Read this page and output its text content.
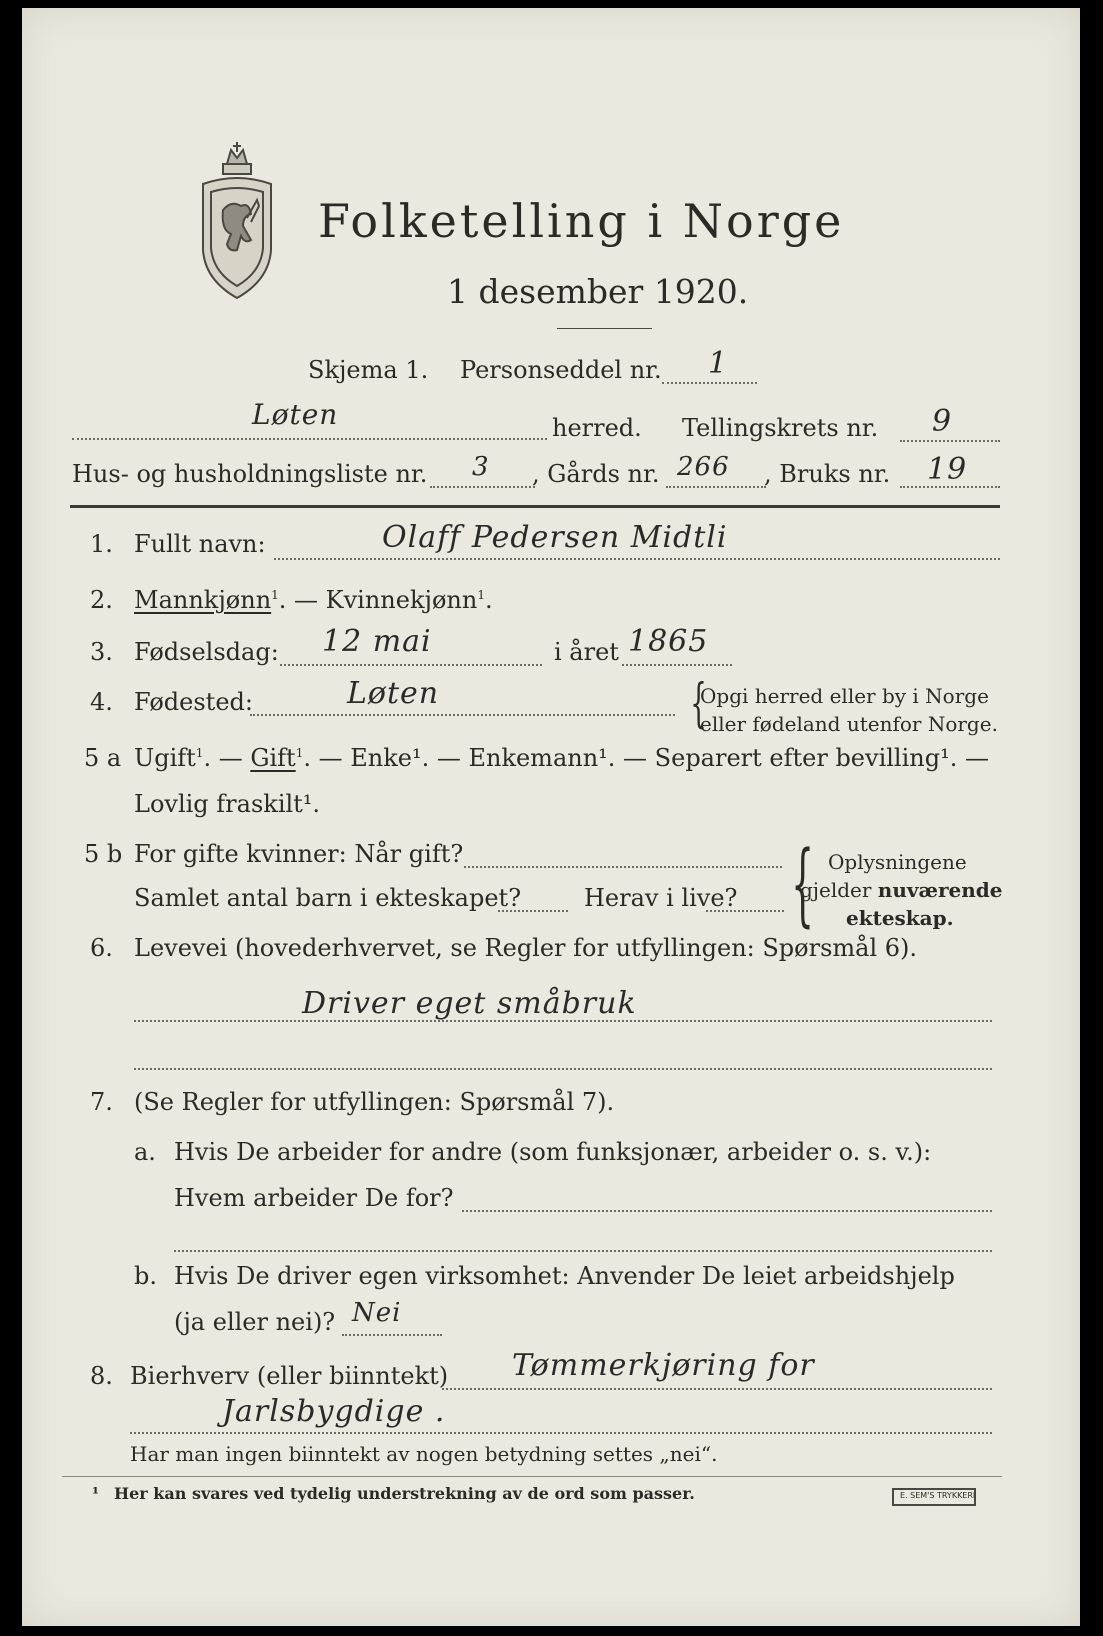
Folketelling i Norge
1 desember 1920.
Skjema 1. Personseddel nr. 1
Løten	herred. Tellingskrets nr. 9
Hus- og husholdningsliste nr. 3 , Gårds nr. 266 , Bruks nr. 19
1. Fullt navn:	Olaff Pedersen Midtli
2. Mannkjønn$^1$. — Kvinnekjønn$^1$.
3. Fødselsdag: 12 mai	i året 1865
4. Fødested:	Løten	{
Opgi herred eller by i Norge
eller fødeland utenfor Norge.
5 a Ugift$^1$. — Gift$^1$. — Enke¹. — Enkemann¹. — Separert efter bevilling¹. —
Lovlig fraskilt¹.
5 b For gifte kvinner: Når gift?
Samlet antal barn i ekteskapet?	Herav i live? { Oplysningene
gjelder nuværende
ekteskap.
6. Levevei (hovederhvervet, se Regler for utfyllingen: Spørsmål 6).
Driver eget småbruk
7. (Se Regler for utfyllingen: Spørsmål 7).
a. Hvis De arbeider for andre (som funksjonær, arbeider o. s. v.):
Hvem arbeider De for?
b. Hvis De driver egen virksomhet: Anvender De leiet arbeidshjelp
(ja eller nei)? Nei
8. Bierhverv (eller biinntekt) Tømmerkjøring for
Jarlsbygdige .
Har man ingen biinntekt av nogen betydning settes „nei“.
¹ Her kan svares ved tydelig understrekning av de ord som passer.	E. SEM'S TRYKKERI
